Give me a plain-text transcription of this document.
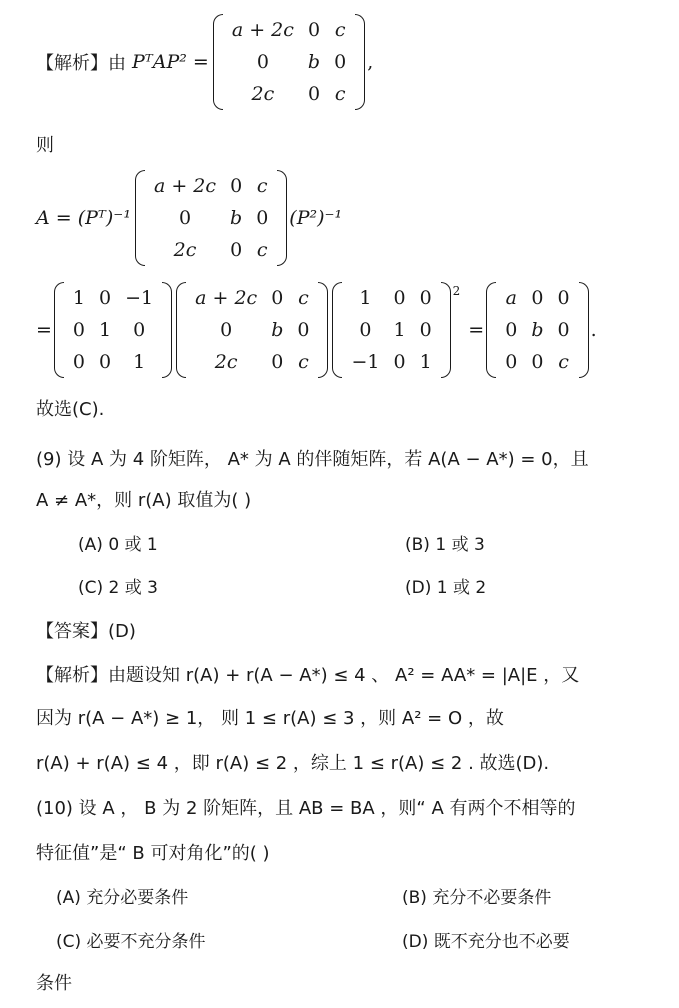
【解析】 由 PᵀAP² =
a + 2c	0	c
0	b	0
2c	0	c
,
则
A = (Pᵀ)⁻¹
a + 2c	0	c
0	b	0
2c	0	c
(P²)⁻¹
=
1	0	−1
0	1	0
0	0	1
a + 2c	0	c
0	b	0
2c	0	c
1	0	0
0	1	0
−1	0	1
2
=
a	0	0
0	b	0
0	0	c
.
故选(C).
(9) 设 A 为 4 阶矩阵， A* 为 A 的伴随矩阵，若 A(A − A*) = 0，且
A ≠ A*，则 r(A) 取值为( )
(A) 0 或 1	(B) 1 或 3
(C) 2 或 3	(D) 1 或 2
【答案】(D)
【解析】由题设知 r(A) + r(A − A*) ≤ 4 、 A² = AA* = |A|E ，又
因为 r(A − A*) ≥ 1， 则 1 ≤ r(A) ≤ 3 ，则 A² = O ，故
r(A) + r(A) ≤ 4 ，即 r(A) ≤ 2 ，综上 1 ≤ r(A) ≤ 2 . 故选(D).
(10) 设 A ， B 为 2 阶矩阵，且 AB = BA ，则“ A 有两个不相等的
特征值”是“ B 可对角化”的( )
(A) 充分必要条件	(B) 充分不必要条件
(C) 必要不充分条件	(D) 既不充分也不必要
条件
